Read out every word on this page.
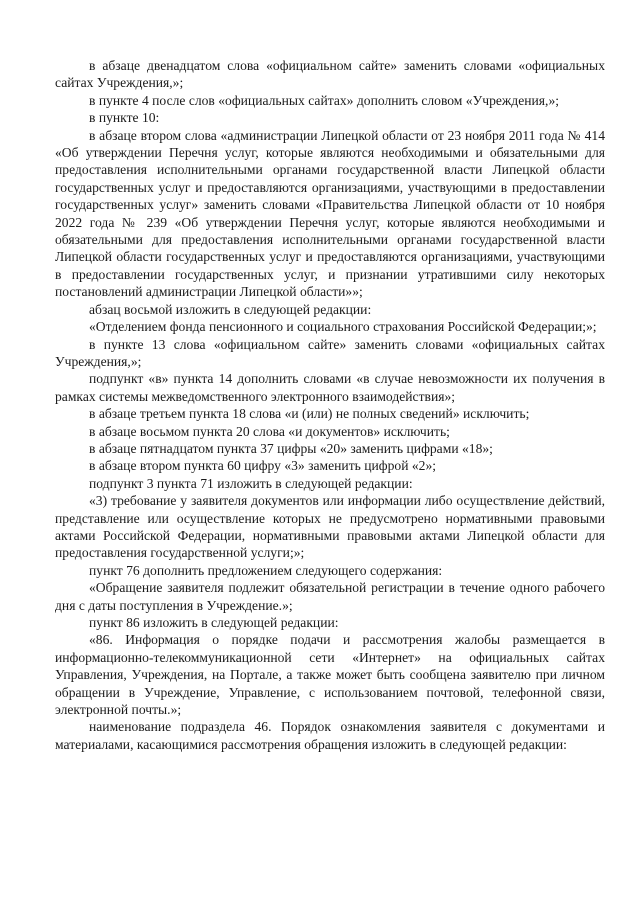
в абзаце двенадцатом слова «официальном сайте» заменить словами «официальных сайтах Учреждения,»;

в пункте 4 после слов «официальных сайтах» дополнить словом «Учреждения,»;

в пункте 10:

в абзаце втором слова «администрации Липецкой области от 23 ноября 2011 года № 414 «Об утверждении Перечня услуг, которые являются необходимыми и обязательными для предоставления исполнительными органами государственной власти Липецкой области государственных услуг и предоставляются организациями, участвующими в предоставлении государственных услуг» заменить словами «Правительства Липецкой области от 10 ноября 2022 года № 239 «Об утверждении Перечня услуг, которые являются необходимыми и обязательными для предоставления исполнительными органами государственной власти Липецкой области государственных услуг и предоставляются организациями, участвующими в предоставлении государственных услуг, и признании утратившими силу некоторых постановлений администрации Липецкой области»»;

абзац восьмой изложить в следующей редакции:

«Отделением фонда пенсионного и социального страхования Российской Федерации;»;

в пункте 13 слова «официальном сайте» заменить словами «официальных сайтах Учреждения,»;

подпункт «в» пункта 14 дополнить словами «в случае невозможности их получения в рамках системы межведомственного электронного взаимодействия»;

в абзаце третьем пункта 18 слова «и (или) не полных сведений» исключить;

в абзаце восьмом пункта 20 слова «и документов» исключить;

в абзаце пятнадцатом пункта 37 цифры «20» заменить цифрами «18»;

в абзаце втором пункта 60 цифру «3» заменить цифрой «2»;

подпункт 3 пункта 71 изложить в следующей редакции:

«3) требование у заявителя документов или информации либо осуществление действий, представление или осуществление которых не предусмотрено нормативными правовыми актами Российской Федерации, нормативными правовыми актами Липецкой области для предоставления государственной услуги;»;

пункт 76 дополнить предложением следующего содержания:

«Обращение заявителя подлежит обязательной регистрации в течение одного рабочего дня с даты поступления в Учреждение.»;

пункт 86 изложить в следующей редакции:

«86. Информация о порядке подачи и рассмотрения жалобы размещается в информационно-телекоммуникационной сети «Интернет» на официальных сайтах Управления, Учреждения, на Портале, а также может быть сообщена заявителю при личном обращении в Учреждение, Управление, с использованием почтовой, телефонной связи, электронной почты.»;

наименование подраздела 46. Порядок ознакомления заявителя с документами и материалами, касающимися рассмотрения обращения изложить в следующей редакции:
